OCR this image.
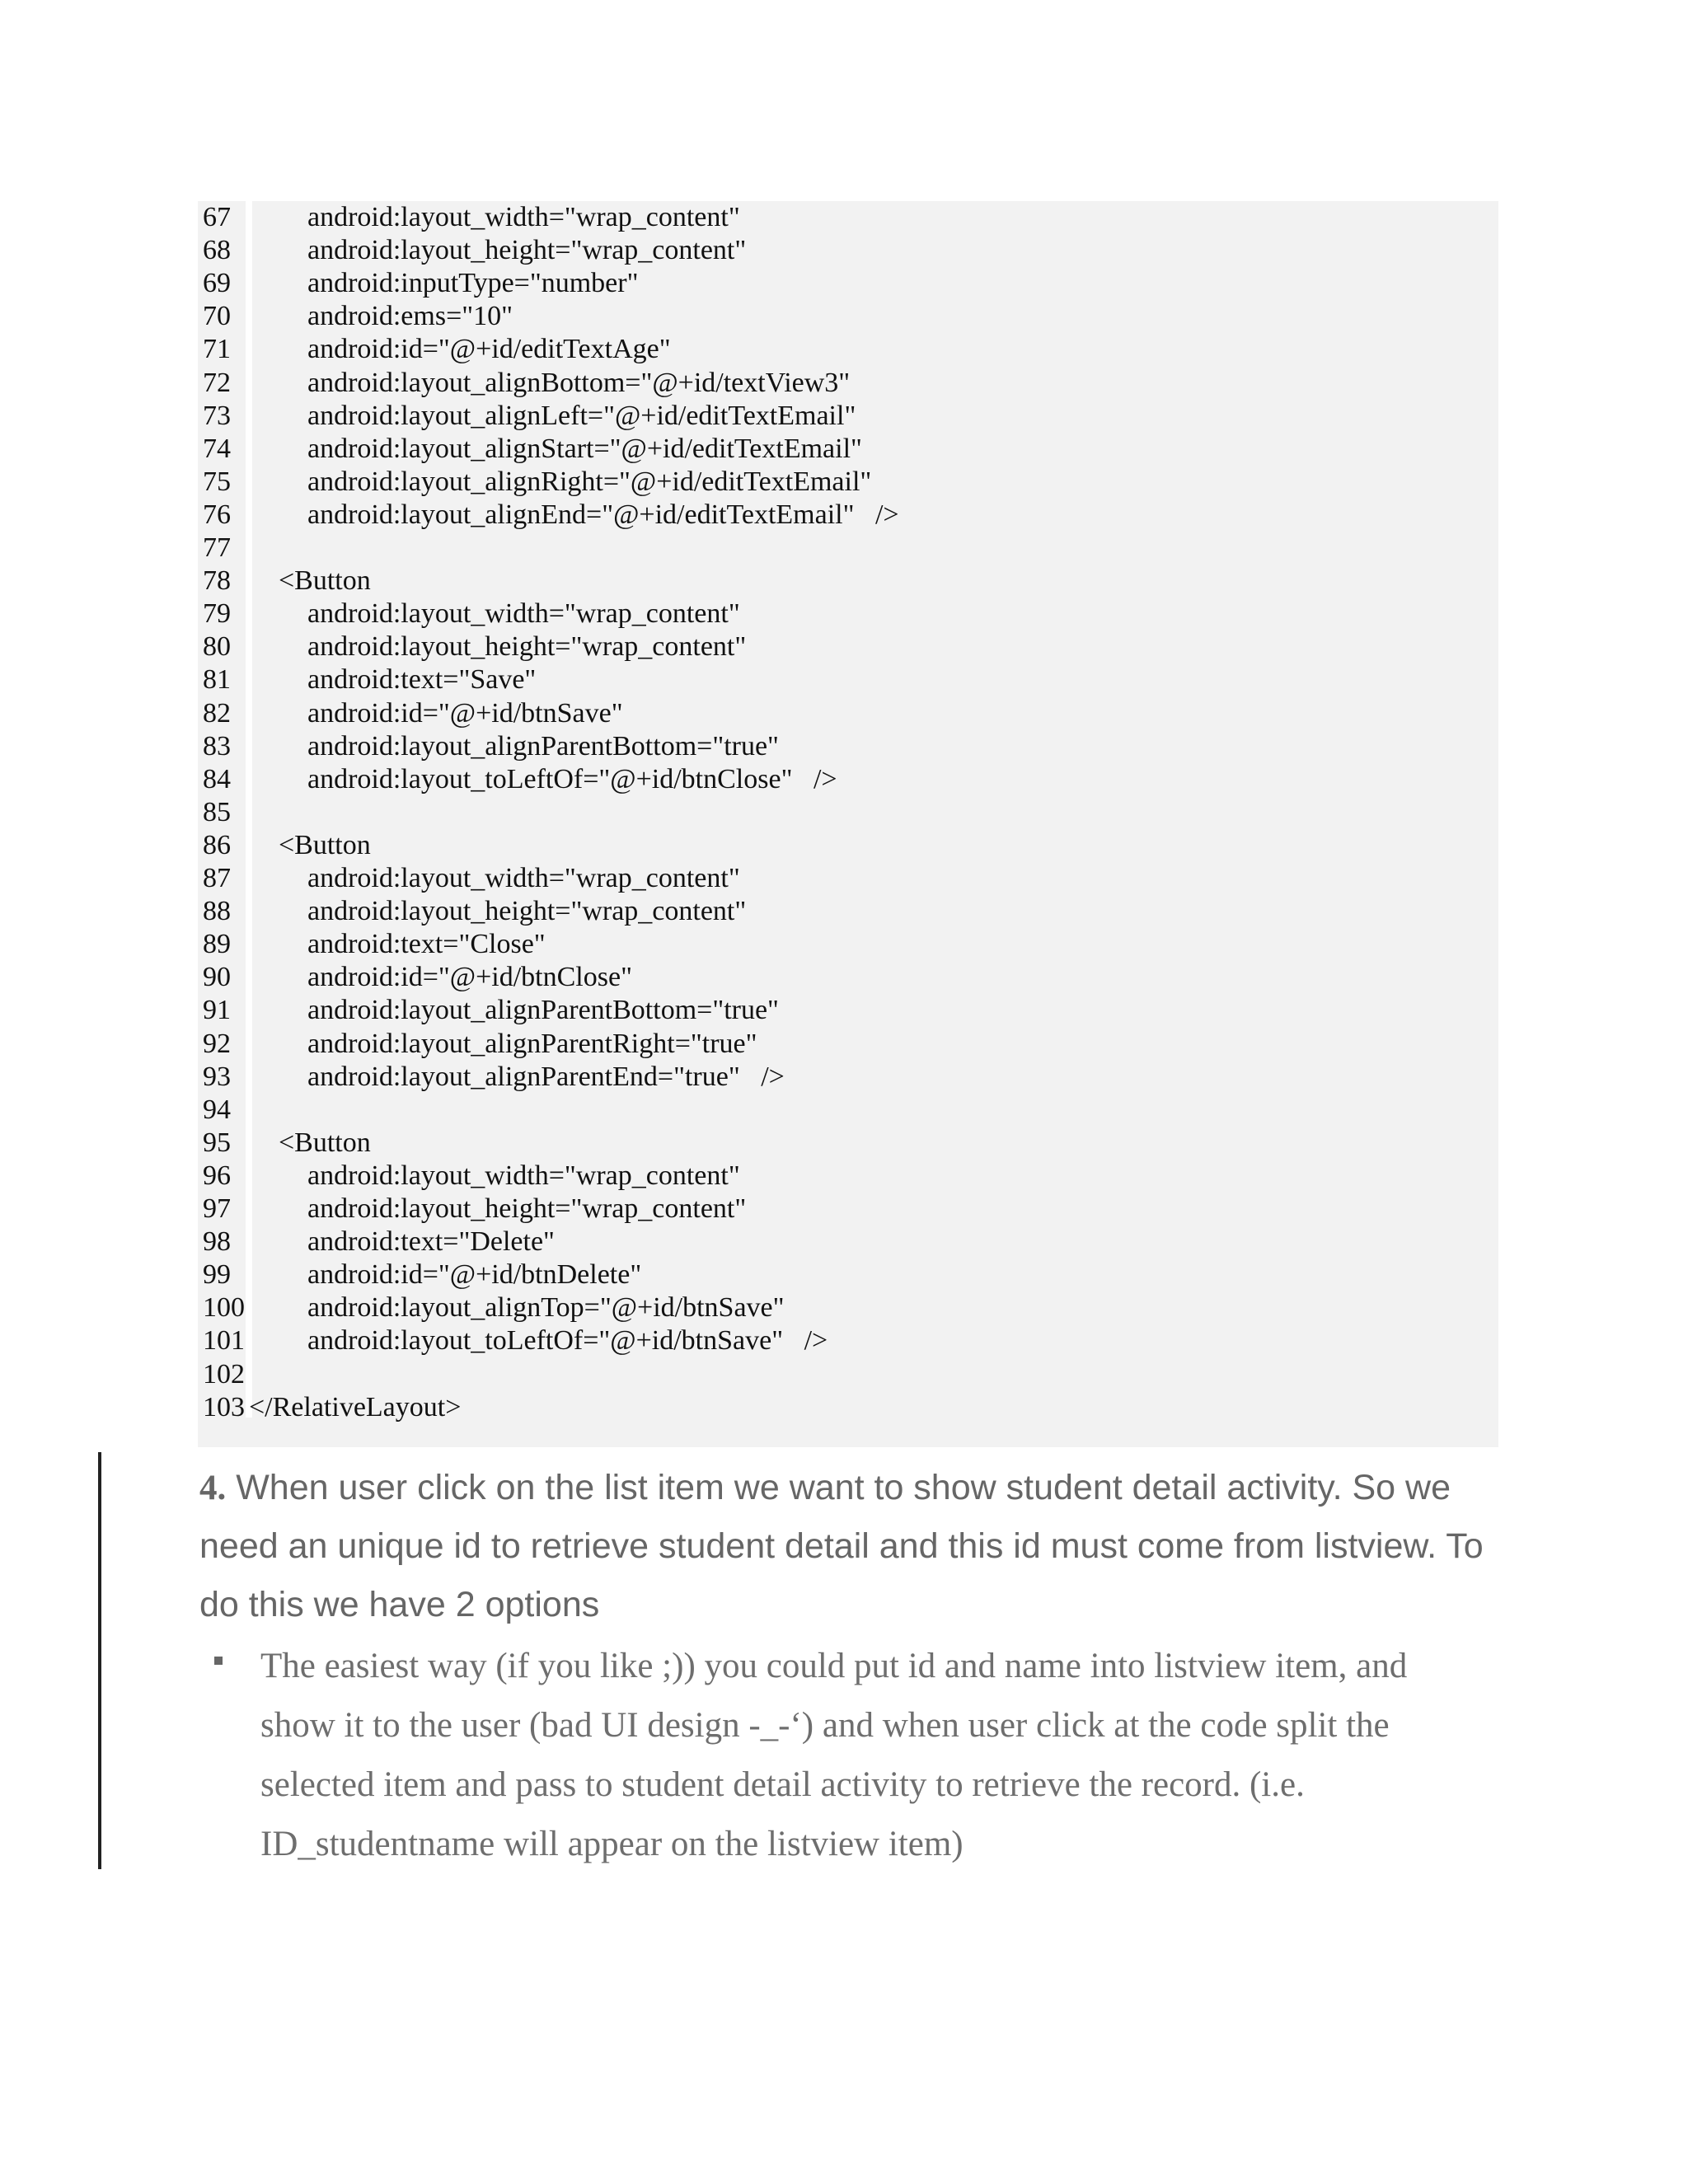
67	android:layout_width="wrap_content"
68	android:layout_height="wrap_content"
69	android:inputType="number"
70	android:ems="10"
71	android:id="@+id/editTextAge"
72	android:layout_alignBottom="@+id/textView3"
73	android:layout_alignLeft="@+id/editTextEmail"
74	android:layout_alignStart="@+id/editTextEmail"
75	android:layout_alignRight="@+id/editTextEmail"
76	android:layout_alignEnd="@+id/editTextEmail"   />
77
78 <Button
79	android:layout_width="wrap_content"
80	android:layout_height="wrap_content"
81	android:text="Save"
82	android:id="@+id/btnSave"
83	android:layout_alignParentBottom="true"
84	android:layout_toLeftOf="@+id/btnClose"   />
85
86 <Button
87	android:layout_width="wrap_content"
88	android:layout_height="wrap_content"
89	android:text="Close"
90	android:id="@+id/btnClose"
91	android:layout_alignParentBottom="true"
92	android:layout_alignParentRight="true"
93	android:layout_alignParentEnd="true"   />
94
95 <Button
96	android:layout_width="wrap_content"
97	android:layout_height="wrap_content"
98	android:text="Delete"
99	android:id="@+id/btnDelete"
100 android:layout_alignTop="@+id/btnSave"
101 android:layout_toLeftOf="@+id/btnSave"   />
102
103 </RelativeLayout>

4. When user click on the list item we want to show student detail activity. So we need an unique id to retrieve student detail and this id must come from listview. To do this we have 2 options

The easiest way (if you like ;)) you could put id and name into listview item, and show it to the user (bad UI design -_-‘) and when user click at the code split the selected item and pass to student detail activity to retrieve the record. (i.e. ID_studentname will appear on the listview item)
